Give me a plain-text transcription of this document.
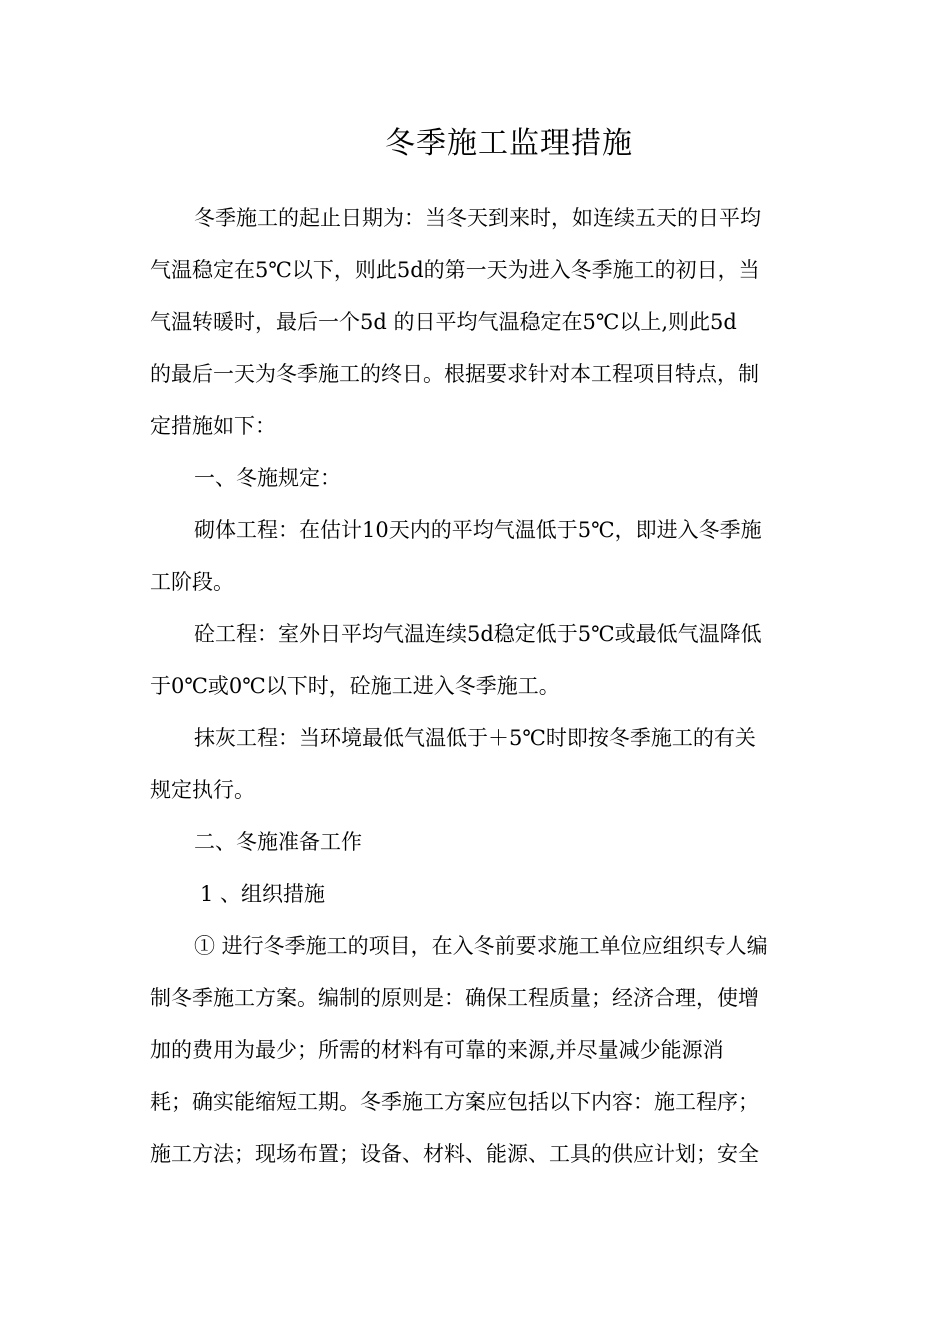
冬季施工监理措施

冬季施工的起止日期为：当冬天到来时，如连续五天的日平均

气温稳定在5℃以下，则此5d的第一天为进入冬季施工的初日，当

气温转暖时，最后一个5d 的日平均气温稳定在5℃以上,则此5d

的最后一天为冬季施工的终日。根据要求针对本工程项目特点，制

定措施如下：

一、冬施规定：

砌体工程：在估计10天内的平均气温低于5℃，即进入冬季施

工阶段。

砼工程：室外日平均气温连续5d稳定低于5℃或最低气温降低

于0℃或0℃以下时，砼施工进入冬季施工。

抹灰工程：当环境最低气温低于＋5℃时即按冬季施工的有关

规定执行。

二、冬施准备工作

1 、组织措施

① 进行冬季施工的项目，在入冬前要求施工单位应组织专人编

制冬季施工方案。编制的原则是：确保工程质量；经济合理，使增

加的费用为最少；所需的材料有可靠的来源,并尽量减少能源消

耗；确实能缩短工期。冬季施工方案应包括以下内容：施工程序；

施工方法；现场布置；设备、材料、能源、工具的供应计划；安全
